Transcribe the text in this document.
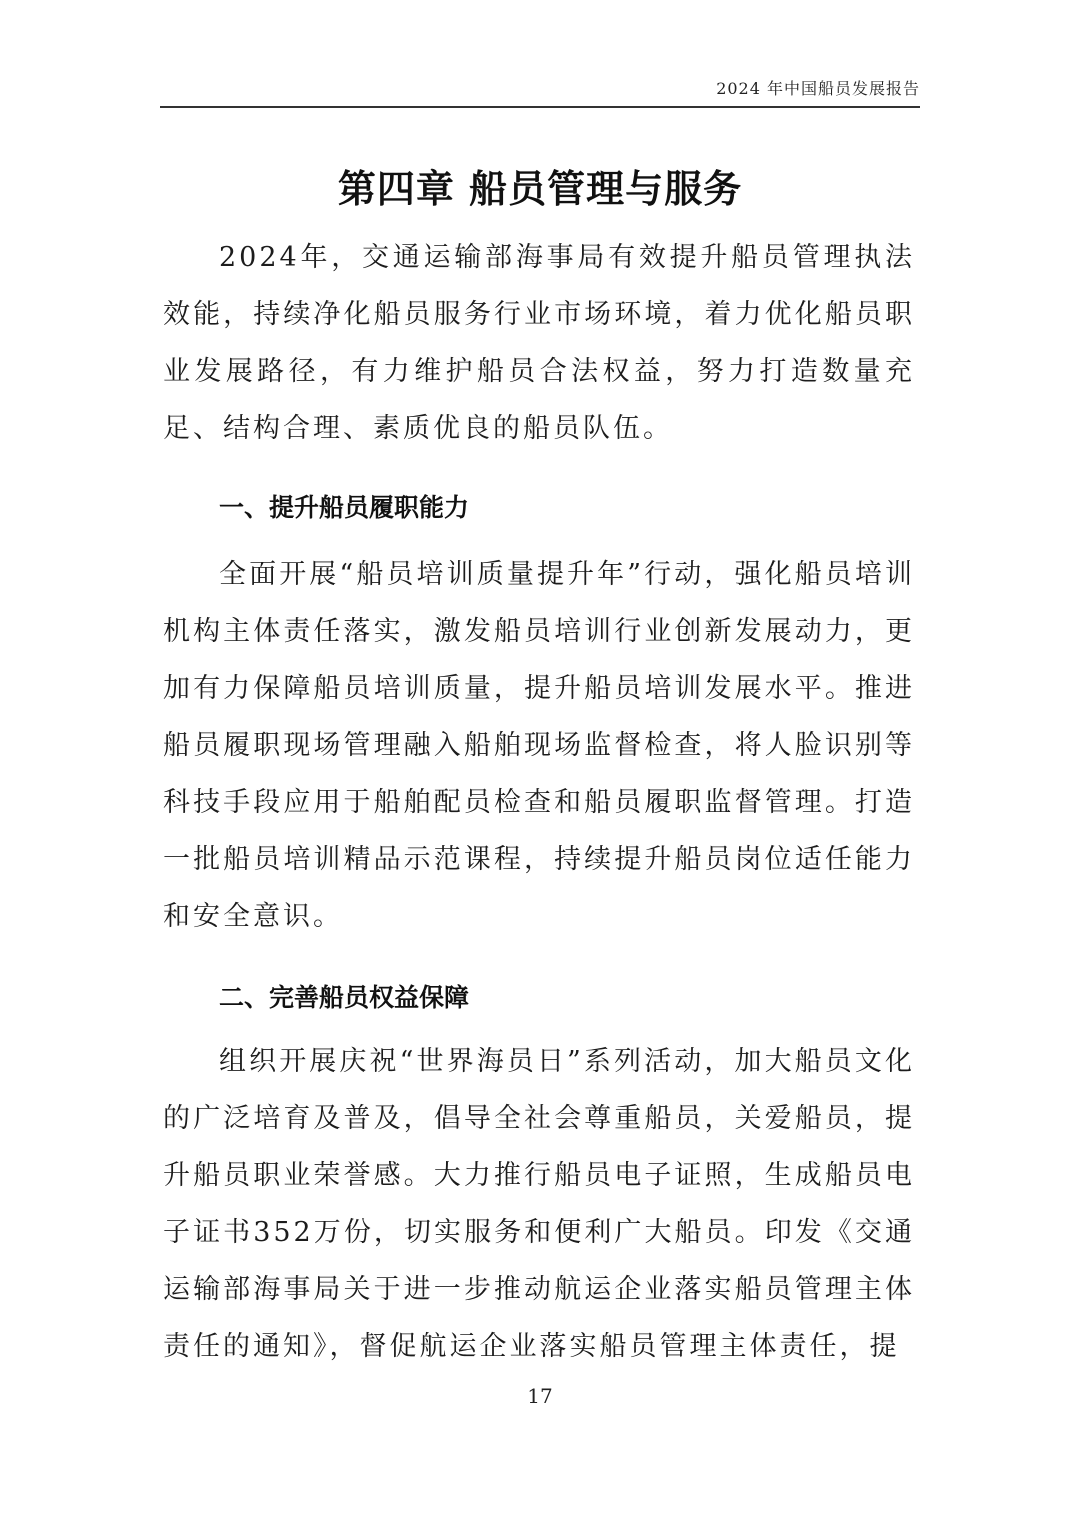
2024 年中国船员发展报告
第四章 船员管理与服务

2024年，交通运输部海事局有效提升船员管理执法效能，持续净化船员服务行业市场环境，着力优化船员职业发展路径，有力维护船员合法权益，努力打造数量充足、结构合理、素质优良的船员队伍。

一、提升船员履职能力

全面开展“船员培训质量提升年”行动，强化船员培训机构主体责任落实，激发船员培训行业创新发展动力，更加有力保障船员培训质量，提升船员培训发展水平。推进船员履职现场管理融入船舶现场监督检查，将人脸识别等科技手段应用于船舶配员检查和船员履职监督管理。打造一批船员培训精品示范课程，持续提升船员岗位适任能力和安全意识。

二、完善船员权益保障

组织开展庆祝“世界海员日”系列活动，加大船员文化的广泛培育及普及，倡导全社会尊重船员，关爱船员，提升船员职业荣誉感。大力推行船员电子证照，生成船员电子证书352万份，切实服务和便利广大船员。印发《交通运输部海事局关于进一步推动航运企业落实船员管理主体责任的通知》，督促航运企业落实船员管理主体责任，提

17
